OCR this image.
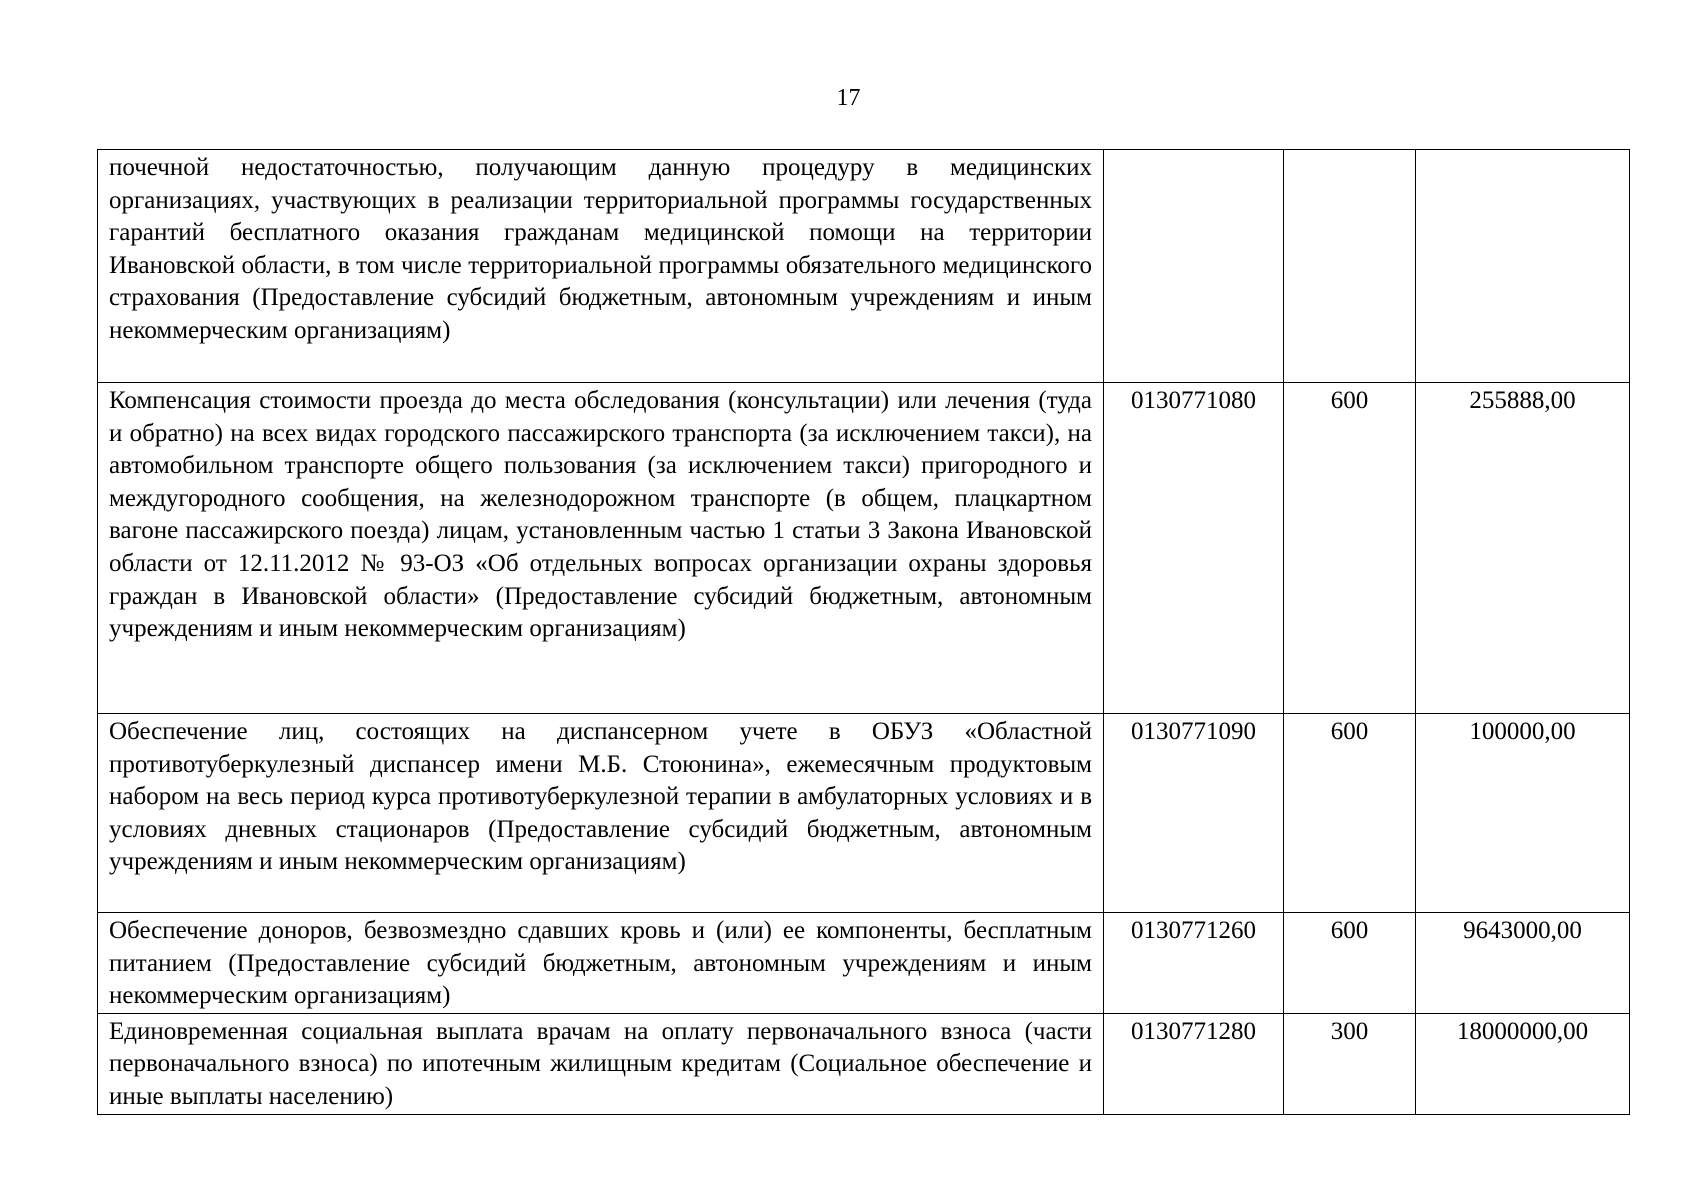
17
почечной недостаточностью, получающим данную процедуру в медицинских организациях, участвующих в реализации территориальной программы государственных гарантий бесплатного оказания гражданам медицинской помощи на территории Ивановской области, в том числе территориальной программы обязательного медицинского страхования (Предоставление субсидий бюджетным, автономным учреждениям и иным некоммерческим организациям)			
Компенсация стоимости проезда до места обследования (консультации) или лечения (туда и обратно) на всех видах городского пассажирского транспорта (за исключением такси), на автомобильном транспорте общего пользования (за исключением такси) пригородного и междугородного сообщения, на железнодорожном транспорте (в общем, плацкартном вагоне пассажирского поезда) лицам, установленным частью 1 статьи 3 Закона Ивановской области от 12.11.2012 № 93-ОЗ «Об отдельных вопросах организации охраны здоровья граждан в Ивановской области» (Предоставление субсидий бюджетным, автономным учреждениям и иным некоммерческим организациям)	0130771080	600	255888,00
Обеспечение лиц, состоящих на диспансерном учете в ОБУЗ «Областной противотуберкулезный диспансер имени М.Б. Стоюнина», ежемесячным продуктовым набором на весь период курса противотуберкулезной терапии в амбулаторных условиях и в условиях дневных стационаров (Предоставление субсидий бюджетным, автономным учреждениям и иным некоммерческим организациям)	0130771090	600	100000,00
Обеспечение доноров, безвозмездно сдавших кровь и (или) ее компоненты, бесплатным питанием (Предоставление субсидий бюджетным, автономным учреждениям и иным некоммерческим организациям)	0130771260	600	9643000,00
Единовременная социальная выплата врачам на оплату первоначального взноса (части первоначального взноса) по ипотечным жилищным кредитам (Социальное обеспечение и иные выплаты населению)	0130771280	300	18000000,00
